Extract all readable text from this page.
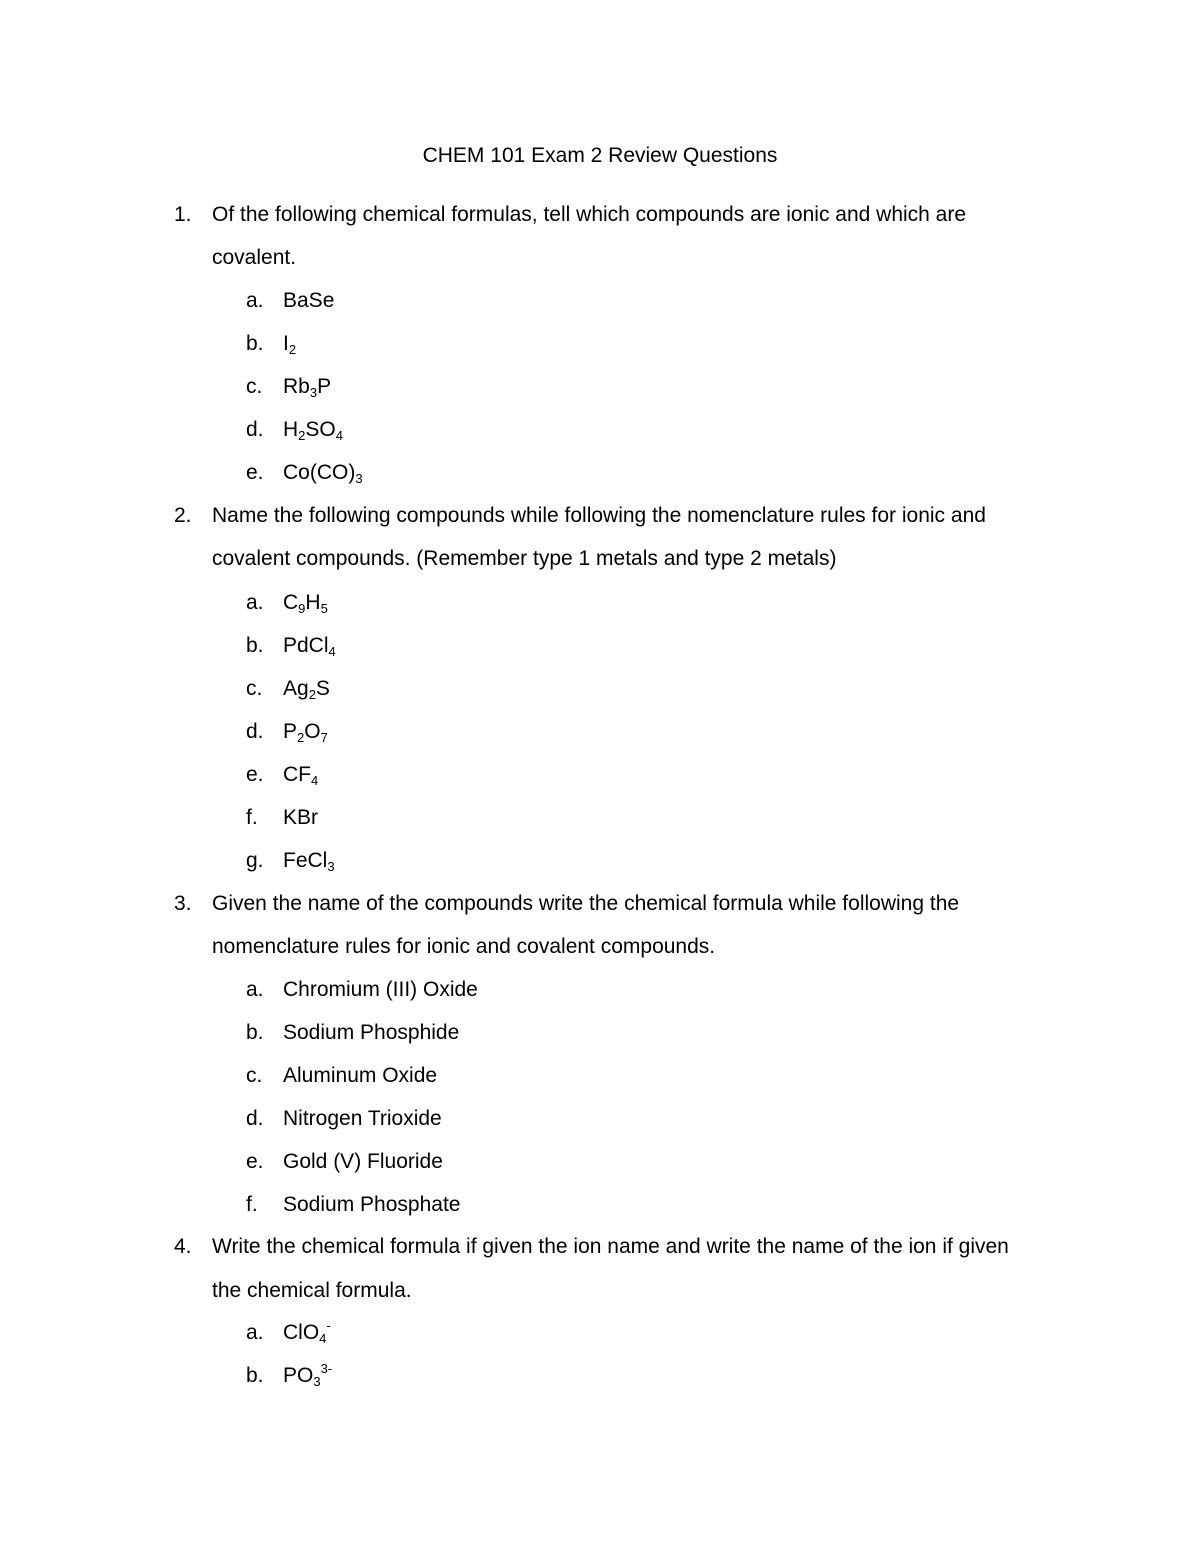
CHEM 101 Exam 2 Review Questions
1. Of the following chemical formulas, tell which compounds are ionic and which are
covalent.
a. BaSe
b. $I_2$
c. $Rb_3P$
d. $H_2SO_4$
e. $Co(CO)_3$
2. Name the following compounds while following the nomenclature rules for ionic and
covalent compounds. (Remember type 1 metals and type 2 metals)
a. $C_9H_5$
b. PdCl$_4$
c. $Ag_2S$
d. $P_2O_7$
e. $CF_4$
f. KBr
g. FeCl$_3$
3. Given the name of the compounds write the chemical formula while following the
nomenclature rules for ionic and covalent compounds.
a. Chromium (III) Oxide
b. Sodium Phosphide
c. Aluminum Oxide
d. Nitrogen Trioxide
e. Gold (V) Fluoride
f. Sodium Phosphate
4. Write the chemical formula if given the ion name and write the name of the ion if given
the chemical formula.
a. ClO$_4$-
b. $PO_3^{3-}$
